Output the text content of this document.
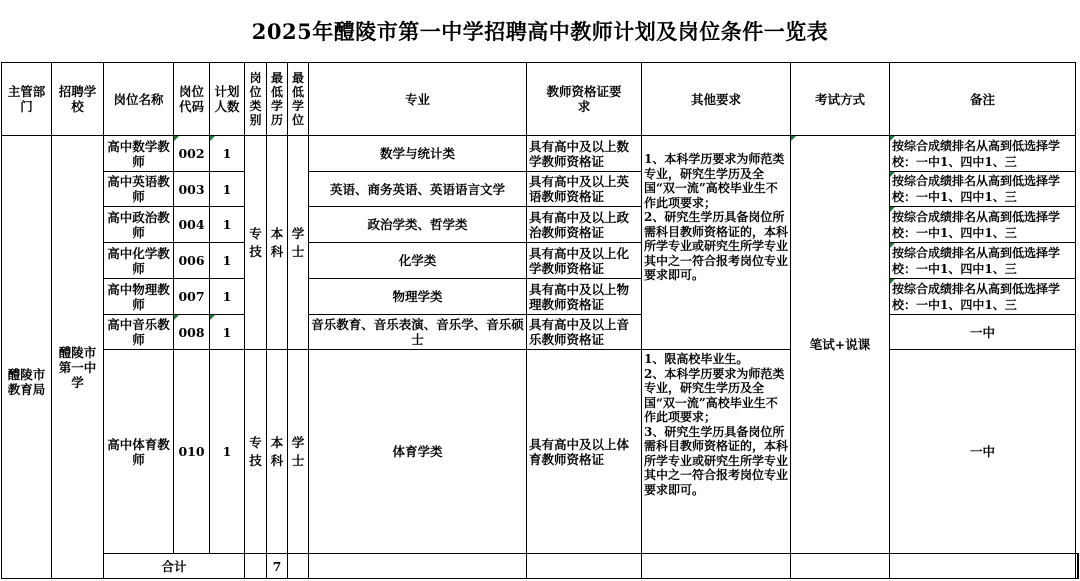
2025年醴陵市第一中学招聘高中教师计划及岗位条件一览表
主管部门	招聘学校	岗位名称	岗位代码	计划人数	岗位类别	最低学历	最低学位	专业	教师资格证要求	其他要求	考试方式	备注		
醴陵市教育局	醴陵市第一中学	高中数学教师	002	1	专技	本科	学士	数学与统计类	具有高中及以上数学教师资格证	1、本科学历要求为师范类专业，研究生学历及全国“双一流”高校毕业生不作此项要求；
2、研究生学历具备岗位所需科目教师资格证的，本科所学专业或研究生所学专业其中之一符合报考岗位专业要求即可。	笔试+说课	按综合成绩排名从高到低选择学校：一中1、四中1、三		

		高中英语教师	003	1				英语、商务英语、英语语言文学	具有高中及以上英语教师资格证			按综合成绩排名从高到低选择学校：一中1、四中1、三		

		高中政治教师	004	1				政治学类、哲学类	具有高中及以上政治教师资格证			按综合成绩排名从高到低选择学校：一中1、四中1、三		

		高中化学教师	006	1				化学类	具有高中及以上化学教师资格证			按综合成绩排名从高到低选择学校：一中1、四中1、三		

		高中物理教师	007	1				物理学类	具有高中及以上物理教师资格证			按综合成绩排名从高到低选择学校：一中1、四中1、三		

		高中音乐教师	008	1				音乐教育、音乐表演、音乐学、音乐硕士	具有高中及以上音乐教师资格证			一中		
		高中体育教师	010	1	专技	本科	学士	体育学类	具有高中及以上体育教师资格证	1、限高校毕业生。
2、本科学历要求为师范类专业，研究生学历及全国“双一流”高校毕业生不作此项要求；
3、研究生学历具备岗位所需科目教师资格证的，本科所学专业或研究生所学专业其中之一符合报考岗位专业要求即可。		一中		
		合计				7								
